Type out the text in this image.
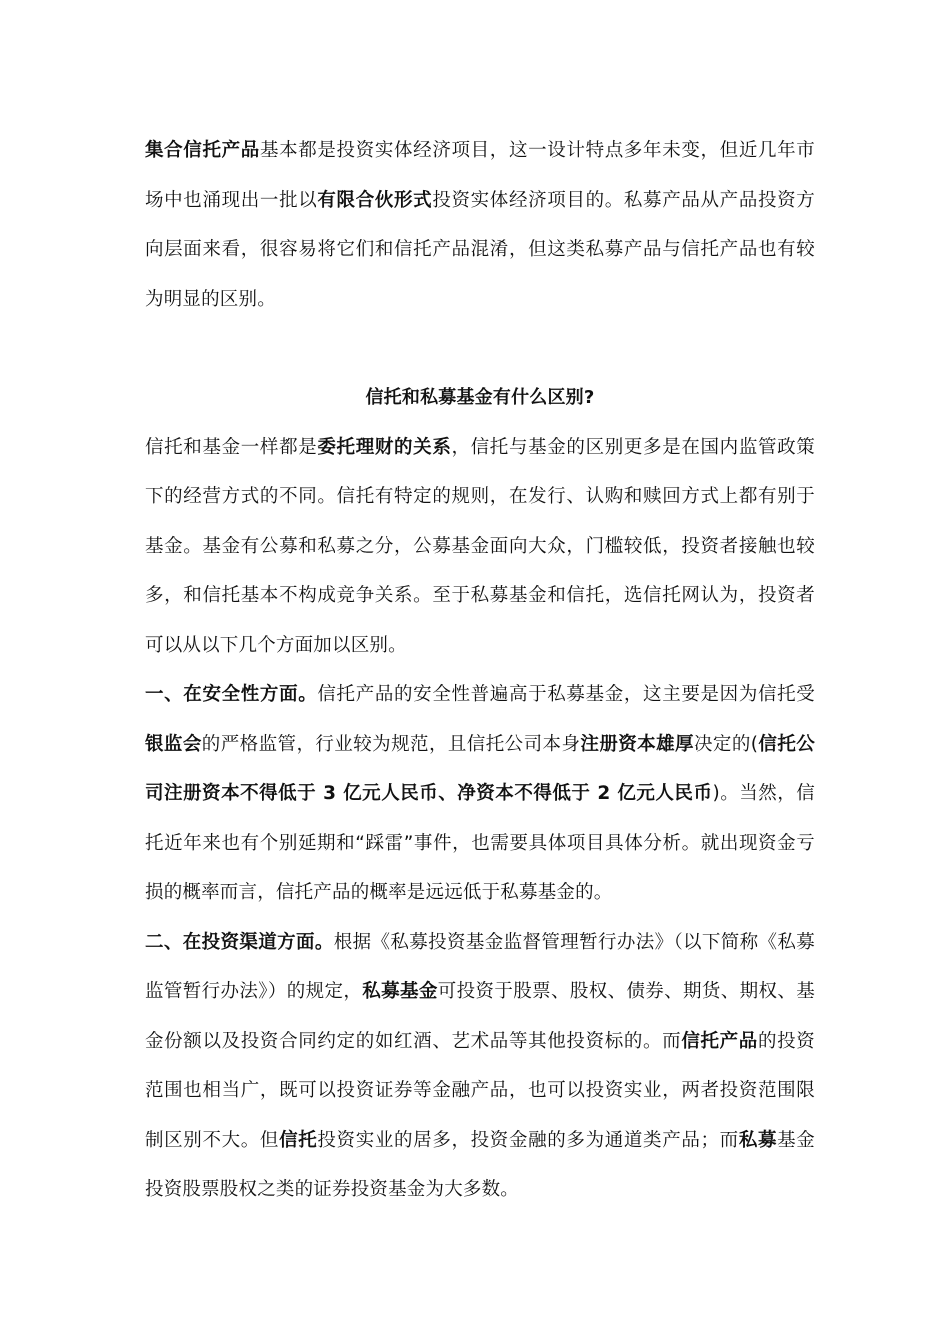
集合信托产品基本都是投资实体经济项目，这一设计特点多年未变，但近几年市场中也涌现出一批以有限合伙形式投资实体经济项目的。私募产品从产品投资方向层面来看，很容易将它们和信托产品混淆，但这类私募产品与信托产品也有较为明显的区别。

信托和私募基金有什么区别?

信托和基金一样都是委托理财的关系，信托与基金的区别更多是在国内监管政策下的经营方式的不同。信托有特定的规则，在发行、认购和赎回方式上都有别于基金。基金有公募和私募之分，公募基金面向大众，门槛较低，投资者接触也较多，和信托基本不构成竞争关系。至于私募基金和信托，选信托网认为，投资者可以从以下几个方面加以区别。

一、在安全性方面。信托产品的安全性普遍高于私募基金，这主要是因为信托受银监会的严格监管，行业较为规范，且信托公司本身注册资本雄厚决定的(信托公司注册资本不得低于 3 亿元人民币、净资本不得低于 2 亿元人民币)。当然，信托近年来也有个别延期和“踩雷”事件，也需要具体项目具体分析。就出现资金亏损的概率而言，信托产品的概率是远远低于私募基金的。

二、在投资渠道方面。根据《私募投资基金监督管理暂行办法》（以下简称《私募监管暂行办法》）的规定，私募基金可投资于股票、股权、债券、期货、期权、基金份额以及投资合同约定的如红酒、艺术品等其他投资标的。而信托产品的投资范围也相当广，既可以投资证券等金融产品，也可以投资实业，两者投资范围限制区别不大。但信托投资实业的居多，投资金融的多为通道类产品；而私募基金投资股票股权之类的证券投资基金为大多数。
